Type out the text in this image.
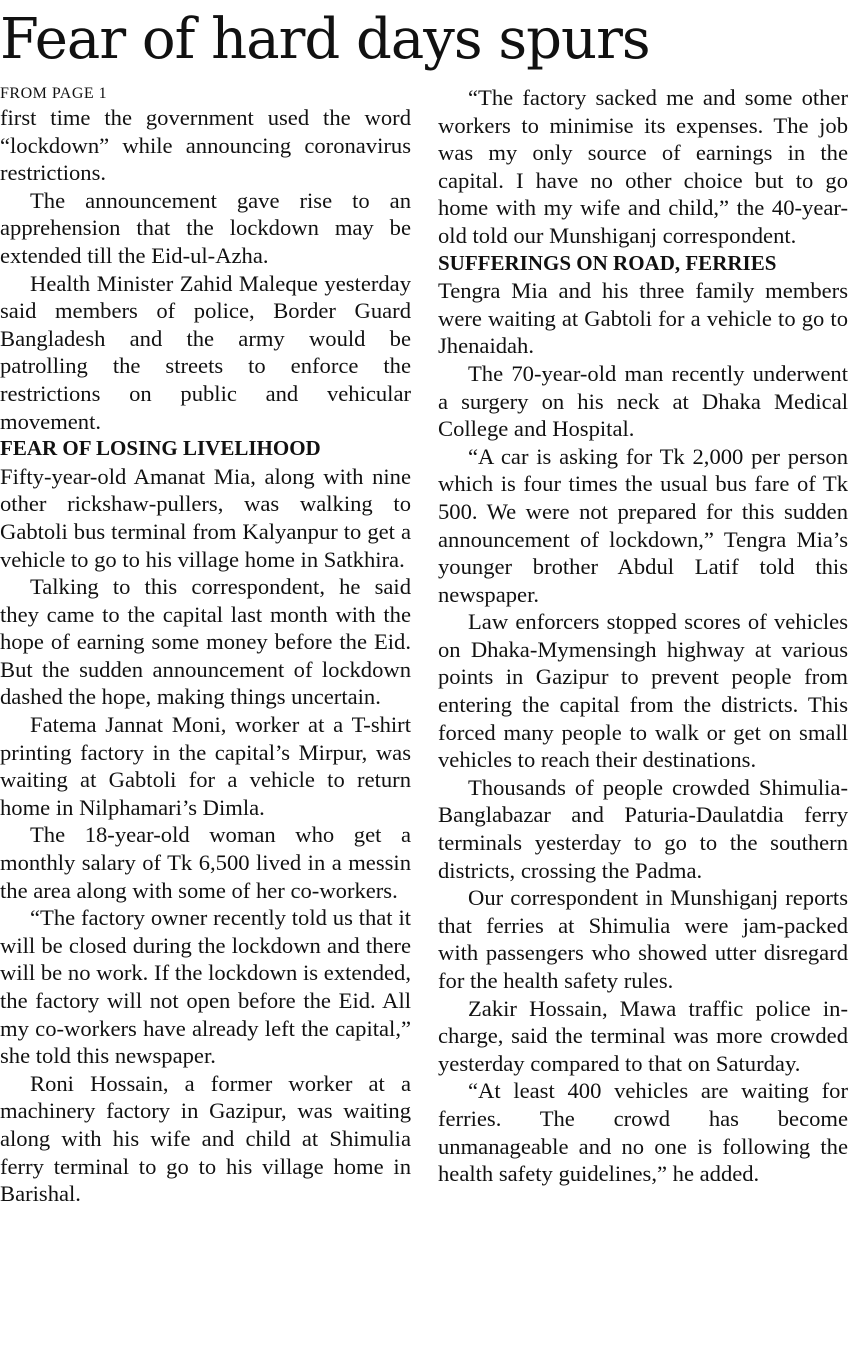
Fear of hard days spurs
FROM PAGE 1

first time the government used the word “lockdown” while announcing coronavirus restrictions.

The announcement gave rise to an apprehension that the lockdown may be extended till the Eid-ul-Azha.

Health Minister Zahid Maleque yesterday said members of police, Border Guard Bangladesh and the army would be patrolling the streets to enforce the restrictions on public and vehicular movement.

FEAR OF LOSING LIVELIHOOD

Fifty-year-old Amanat Mia, along with nine other rickshaw-pullers, was walking to Gabtoli bus terminal from Kalyanpur to get a vehicle to go to his village home in Satkhira.

Talking to this correspondent, he said they came to the capital last month with the hope of earning some money before the Eid. But the sudden announcement of lockdown dashed the hope, making things uncertain.

Fatema Jannat Moni, worker at a T-shirt printing factory in the capital’s Mirpur, was waiting at Gabtoli for a vehicle to return home in Nilphamari’s Dimla.

The 18-year-old woman who get a monthly salary of Tk 6,500 lived in a messin the area along with some of her co-workers.

“The factory owner recently told us that it will be closed during the lockdown and there will be no work. If the lockdown is extended, the factory will not open before the Eid. All my co-workers have already left the capital,” she told this newspaper.

Roni Hossain, a former worker at a machinery factory in Gazipur, was waiting along with his wife and child at Shimulia ferry terminal to go to his village home in Barishal.

“The factory sacked me and some other workers to minimise its expenses. The job was my only source of earnings in the capital. I have no other choice but to go home with my wife and child,” the 40-year-old told our Munshiganj correspondent.

SUFFERINGS ON ROAD, FERRIES

Tengra Mia and his three family members were waiting at Gabtoli for a vehicle to go to Jhenaidah.

The 70-year-old man recently underwent a surgery on his neck at Dhaka Medical College and Hospital.

“A car is asking for Tk 2,000 per person which is four times the usual bus fare of Tk 500. We were not prepared for this sudden announcement of lockdown,” Tengra Mia’s younger brother Abdul Latif told this newspaper.

Law enforcers stopped scores of vehicles on Dhaka-Mymensingh highway at various points in Gazipur to prevent people from entering the capital from the districts. This forced many people to walk or get on small vehicles to reach their destinations.

Thousands of people crowded Shimulia-Banglabazar and Paturia-Daulatdia ferry terminals yesterday to go to the southern districts, crossing the Padma.

Our correspondent in Munshiganj reports that ferries at Shimulia were jam-packed with passengers who showed utter disregard for the health safety rules.

Zakir Hossain, Mawa traffic police in-charge, said the terminal was more crowded yesterday compared to that on Saturday.

“At least 400 vehicles are waiting for ferries. The crowd has become unmanageable and no one is following the health safety guidelines,” he added.
